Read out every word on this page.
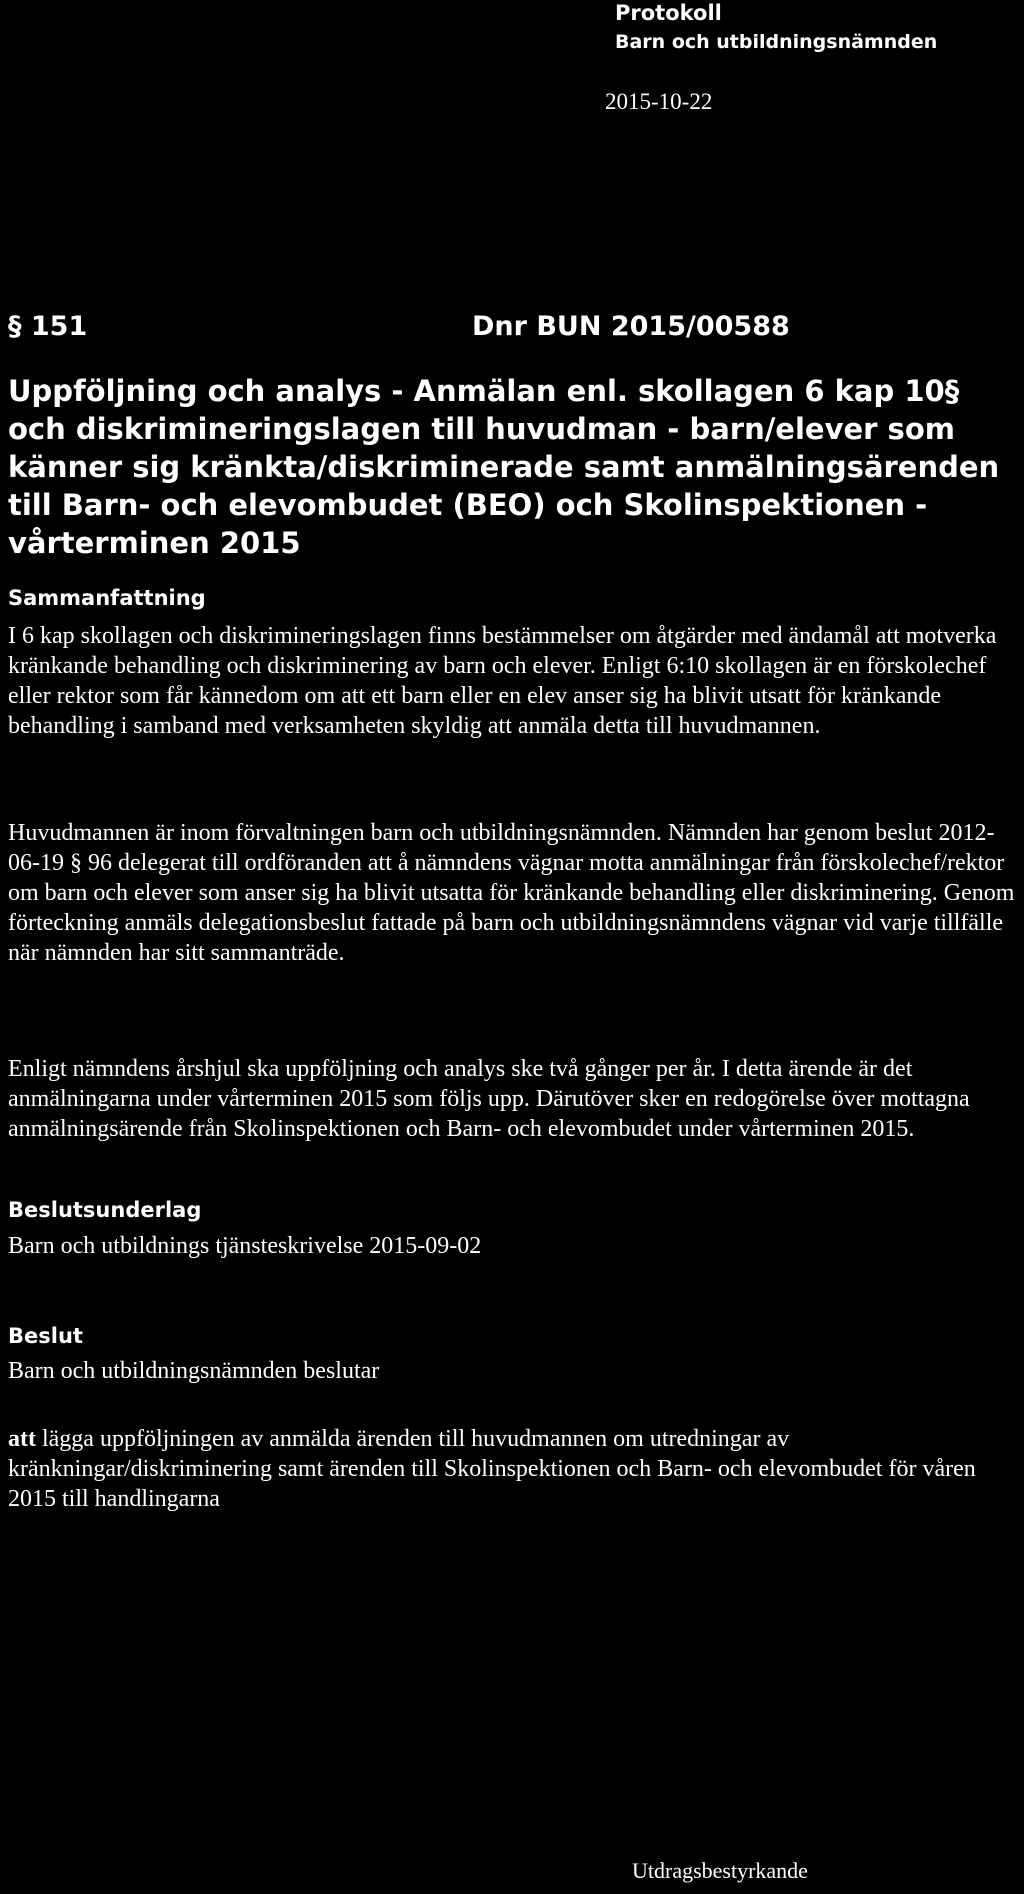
Protokoll
Barn och utbildningsnämnden
2015-10-22
§ 151	Dnr BUN 2015/00588
Uppföljning och analys - Anmälan enl. skollagen 6 kap 10§ och diskrimineringslagen till huvudman - barn/elever som känner sig kränkta/diskriminerade samt anmälningsärenden till Barn- och elevombudet (BEO) och Skolinspektionen - vårterminen 2015
Sammanfattning

I 6 kap skollagen och diskrimineringslagen finns bestämmelser om åtgärder med ändamål att motverka kränkande behandling och diskriminering av barn och elever. Enligt 6:10 skollagen är en förskolechef eller rektor som får kännedom om att ett barn eller en elev anser sig ha blivit utsatt för kränkande behandling i samband med verksamheten skyldig att anmäla detta till huvudmannen.

Huvudmannen är inom förvaltningen barn och utbildningsnämnden. Nämnden har genom beslut 2012-06-19 § 96 delegerat till ordföranden att å nämndens vägnar motta anmälningar från förskolechef/rektor om barn och elever som anser sig ha blivit utsatta för kränkande behandling eller diskriminering. Genom förteckning anmäls delegationsbeslut fattade på barn och utbildningsnämndens vägnar vid varje tillfälle när nämnden har sitt sammanträde.

Enligt nämndens årshjul ska uppföljning och analys ske två gånger per år. I detta ärende är det anmälningarna under vårterminen 2015 som följs upp. Därutöver sker en redogörelse över mottagna anmälningsärende från Skolinspektionen och Barn- och elevombudet under vårterminen 2015.

Beslutsunderlag

Barn och utbildnings tjänsteskrivelse 2015-09-02

Beslut

Barn och utbildningsnämnden beslutar

att lägga uppföljningen av anmälda ärenden till huvudmannen om utredningar av kränkningar/diskriminering samt ärenden till Skolinspektionen och Barn- och elevombudet för våren 2015 till handlingarna

Utdragsbestyrkande
